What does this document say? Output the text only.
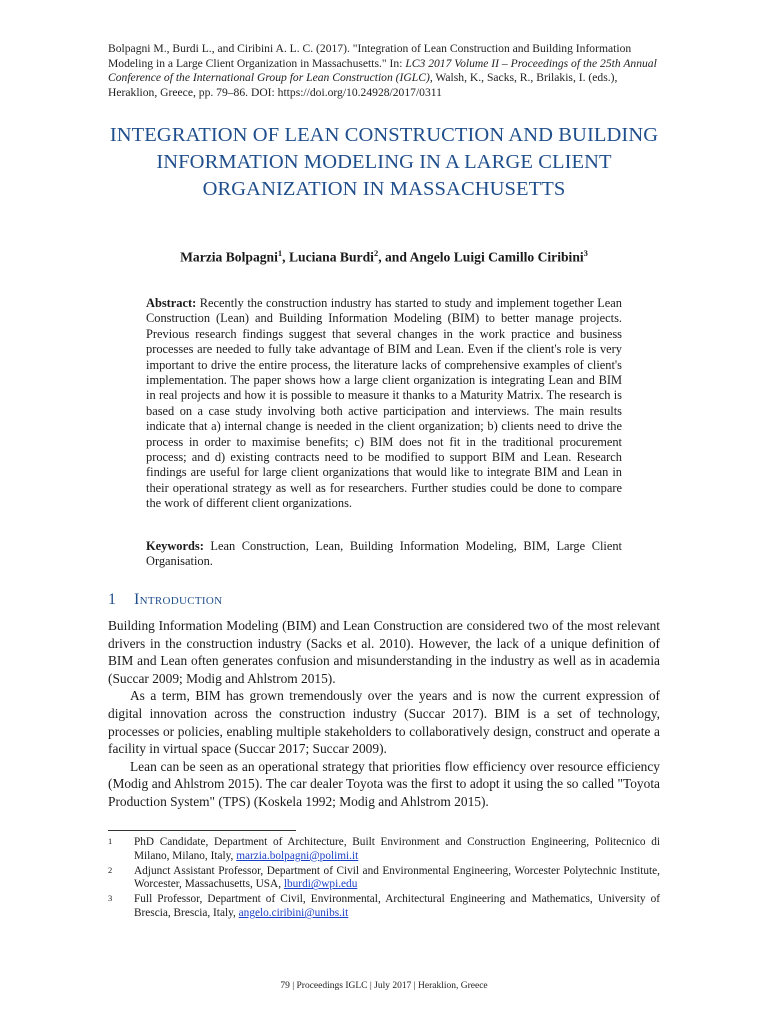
Bolpagni M., Burdi L., and Ciribini A. L. C. (2017). "Integration of Lean Construction and Building Information Modeling in a Large Client Organization in Massachusetts." In: LC3 2017 Volume II – Proceedings of the 25th Annual Conference of the International Group for Lean Construction (IGLC), Walsh, K., Sacks, R., Brilakis, I. (eds.), Heraklion, Greece, pp. 79–86. DOI: https://doi.org/10.24928/2017/0311
INTEGRATION OF LEAN CONSTRUCTION AND BUILDING INFORMATION MODELING IN A LARGE CLIENT ORGANIZATION IN MASSACHUSETTS
Marzia Bolpagni$^1$, Luciana Burdi$^2$, and Angelo Luigi Camillo Ciribini$^3$

Abstract: Recently the construction industry has started to study and implement together Lean Construction (Lean) and Building Information Modeling (BIM) to better manage projects. Previous research findings suggest that several changes in the work practice and business processes are needed to fully take advantage of BIM and Lean. Even if the client's role is very important to drive the entire process, the literature lacks of comprehensive examples of client's implementation. The paper shows how a large client organization is integrating Lean and BIM in real projects and how it is possible to measure it thanks to a Maturity Matrix. The research is based on a case study involving both active participation and interviews. The main results indicate that a) internal change is needed in the client organization; b) clients need to drive the process in order to maximise benefits; c) BIM does not fit in the traditional procurement process; and d) existing contracts need to be modified to support BIM and Lean. Research findings are useful for large client organizations that would like to integrate BIM and Lean in their operational strategy as well as for researchers. Further studies could be done to compare the work of different client organizations.

Keywords: Lean Construction, Lean, Building Information Modeling, BIM, Large Client Organisation.

1 Introduction

Building Information Modeling (BIM) and Lean Construction are considered two of the most relevant drivers in the construction industry (Sacks et al. 2010). However, the lack of a unique definition of BIM and Lean often generates confusion and misunderstanding in the industry as well as in academia (Succar 2009; Modig and Ahlstrom 2015).

As a term, BIM has grown tremendously over the years and is now the current expression of digital innovation across the construction industry (Succar 2017). BIM is a set of technology, processes or policies, enabling multiple stakeholders to collaboratively design, construct and operate a facility in virtual space (Succar 2017; Succar 2009).

Lean can be seen as an operational strategy that priorities flow efficiency over resource efficiency (Modig and Ahlstrom 2015). The car dealer Toyota was the first to adopt it using the so called "Toyota Production System" (TPS) (Koskela 1992; Modig and Ahlstrom 2015).

1	PhD Candidate, Department of Architecture, Built Environment and Construction Engineering, Politecnico di Milano, Milano, Italy, marzia.bolpagni@polimi.it
2	Adjunct Assistant Professor, Department of Civil and Environmental Engineering, Worcester Polytechnic Institute, Worcester, Massachusetts, USA, lburdi@wpi.edu
3	Full Professor, Department of Civil, Environmental, Architectural Engineering and Mathematics, University of Brescia, Brescia, Italy, angelo.ciribini@unibs.it
79 | Proceedings IGLC | July 2017 | Heraklion, Greece
